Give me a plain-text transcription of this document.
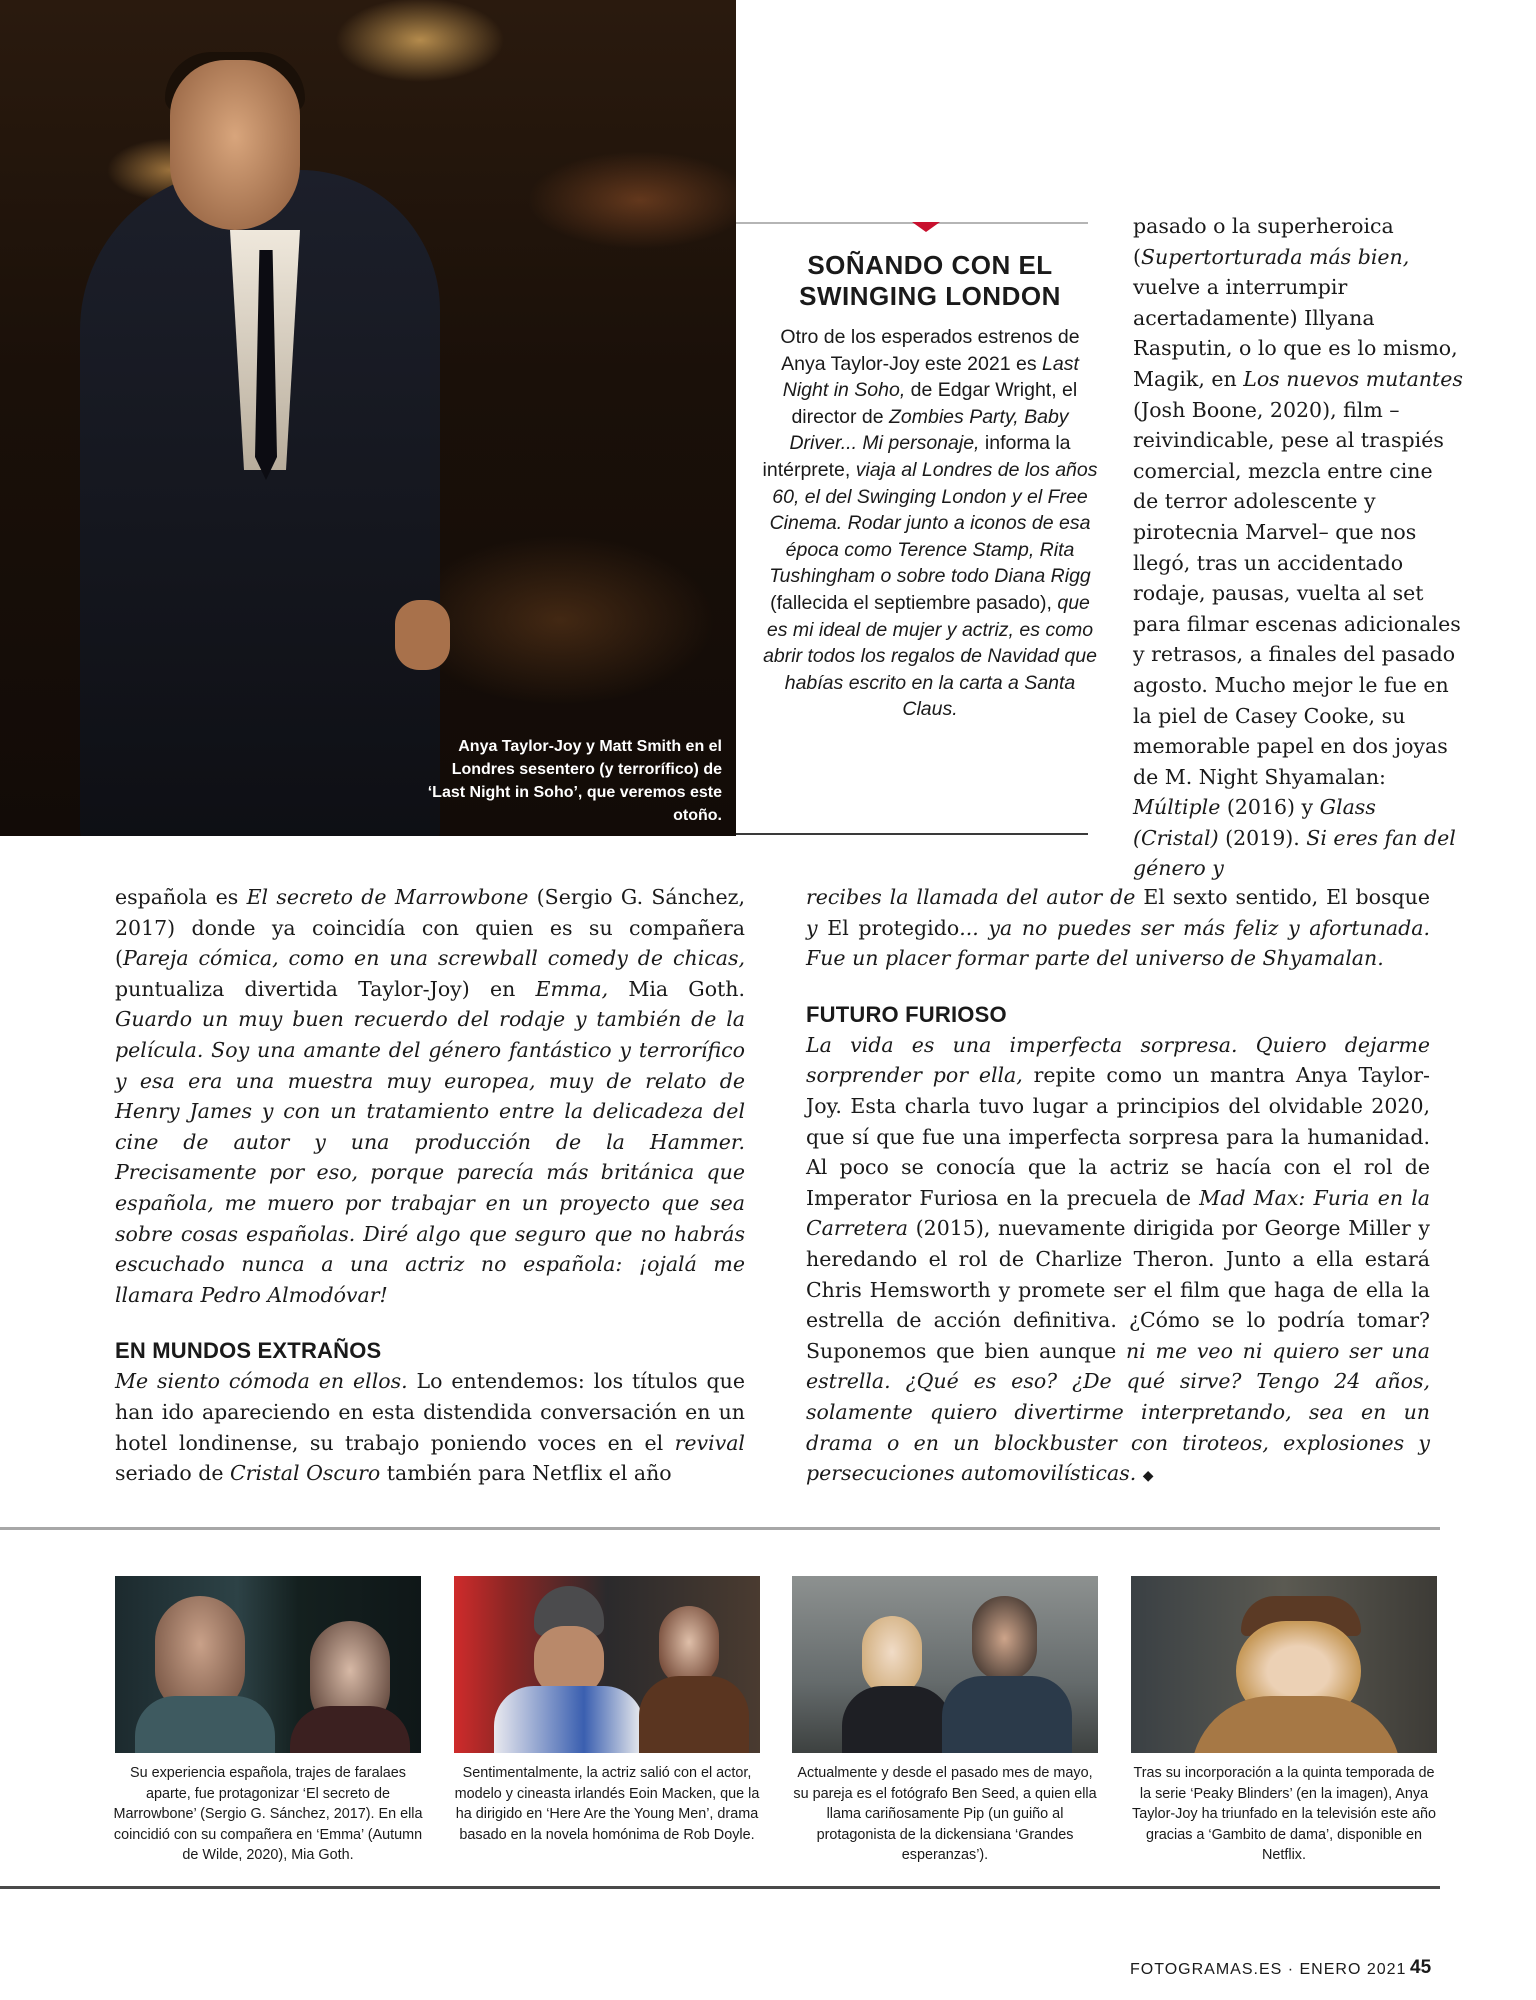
Anya Taylor-Joy y Matt Smith en el Londres sesentero (y terrorífico) de ‘Last Night in Soho’, que veremos este otoño.
SOÑANDO CON EL SWINGING LONDON
Otro de los esperados estrenos de Anya Taylor-Joy este 2021 es Last Night in Soho, de Edgar Wright, el director de Zombies Party, Baby Driver... Mi personaje, informa la intérprete, viaja al Londres de los años 60, el del Swinging London y el Free Cinema. Rodar junto a iconos de esa época como Terence Stamp, Rita Tushingham o sobre todo Diana Rigg (fallecida el septiembre pasado), que es mi ideal de mujer y actriz, es como abrir todos los regalos de Navidad que habías escrito en la carta a Santa Claus.

pasado o la superheroica (Supertorturada más bien, vuelve a interrumpir acertadamente) Illyana Rasputin, o lo que es lo mismo, Magik, en Los nuevos mutantes (Josh Boone, 2020), film –reivindicable, pese al traspiés comercial, mezcla entre cine de terror adolescente y pirotecnia Marvel– que nos llegó, tras un accidentado rodaje, pausas, vuelta al set para filmar escenas adicionales y retrasos, a finales del pasado agosto. Mucho mejor le fue en la piel de Casey Cooke, su memorable papel en dos joyas de M. Night Shyamalan: Múltiple (2016) y Glass (Cristal) (2019). Si eres fan del género y

española es El secreto de Marrowbone (Sergio G. Sánchez, 2017) donde ya coincidía con quien es su compañera (Pareja cómica, como en una screwball comedy de chicas, puntualiza divertida Taylor-Joy) en Emma, Mia Goth. Guardo un muy buen recuerdo del rodaje y también de la película. Soy una amante del género fantástico y terrorífico y esa era una muestra muy europea, muy de relato de Henry James y con un tratamiento entre la delicadeza del cine de autor y una producción de la Hammer. Precisamente por eso, porque parecía más británica que española, me muero por trabajar en un proyecto que sea sobre cosas españolas. Diré algo que seguro que no habrás escuchado nunca a una actriz no española: ¡ojalá me llamara Pedro Almodóvar!

EN MUNDOS EXTRAÑOS

Me siento cómoda en ellos. Lo entendemos: los títulos que han ido apareciendo en esta distendida conversación en un hotel londinense, su trabajo poniendo voces en el revival seriado de Cristal Oscuro también para Netflix el año

recibes la llamada del autor de El sexto sentido, El bosque y El protegido... ya no puedes ser más feliz y afortunada. Fue un placer formar parte del universo de Shyamalan.

FUTURO FURIOSO

La vida es una imperfecta sorpresa. Quiero dejarme sorprender por ella, repite como un mantra Anya Taylor-Joy. Esta charla tuvo lugar a principios del olvidable 2020, que sí que fue una imperfecta sorpresa para la humanidad. Al poco se conocía que la actriz se hacía con el rol de Imperator Furiosa en la precuela de Mad Max: Furia en la Carretera (2015), nuevamente dirigida por George Miller y heredando el rol de Charlize Theron. Junto a ella estará Chris Hemsworth y promete ser el film que haga de ella la estrella de acción definitiva. ¿Cómo se lo podría tomar? Suponemos que bien aunque ni me veo ni quiero ser una estrella. ¿Qué es eso? ¿De qué sirve? Tengo 24 años, solamente quiero divertirme interpretando, sea en un drama o en un blockbuster con tiroteos, explosiones y persecuciones automovilísticas. ◆

Su experiencia española, trajes de faralaes aparte, fue protagonizar ‘El secreto de Marrowbone’ (Sergio G. Sánchez, 2017). En ella coincidió con su compañera en ‘Emma’ (Autumn de Wilde, 2020), Mia Goth.
Sentimentalmente, la actriz salió con el actor, modelo y cineasta irlandés Eoin Macken, que la ha dirigido en ‘Here Are the Young Men’, drama basado en la novela homónima de Rob Doyle.
Actualmente y desde el pasado mes de mayo, su pareja es el fotógrafo Ben Seed, a quien ella llama cariñosamente Pip (un guiño al protagonista de la dickensiana ‘Grandes esperanzas’).
Tras su incorporación a la quinta temporada de la serie ‘Peaky Blinders’ (en la imagen), Anya Taylor-Joy ha triunfado en la televisión este año gracias a ‘Gambito de dama’, disponible en Netflix.
FOTOGRAMAS.ES · ENERO 2021 45
